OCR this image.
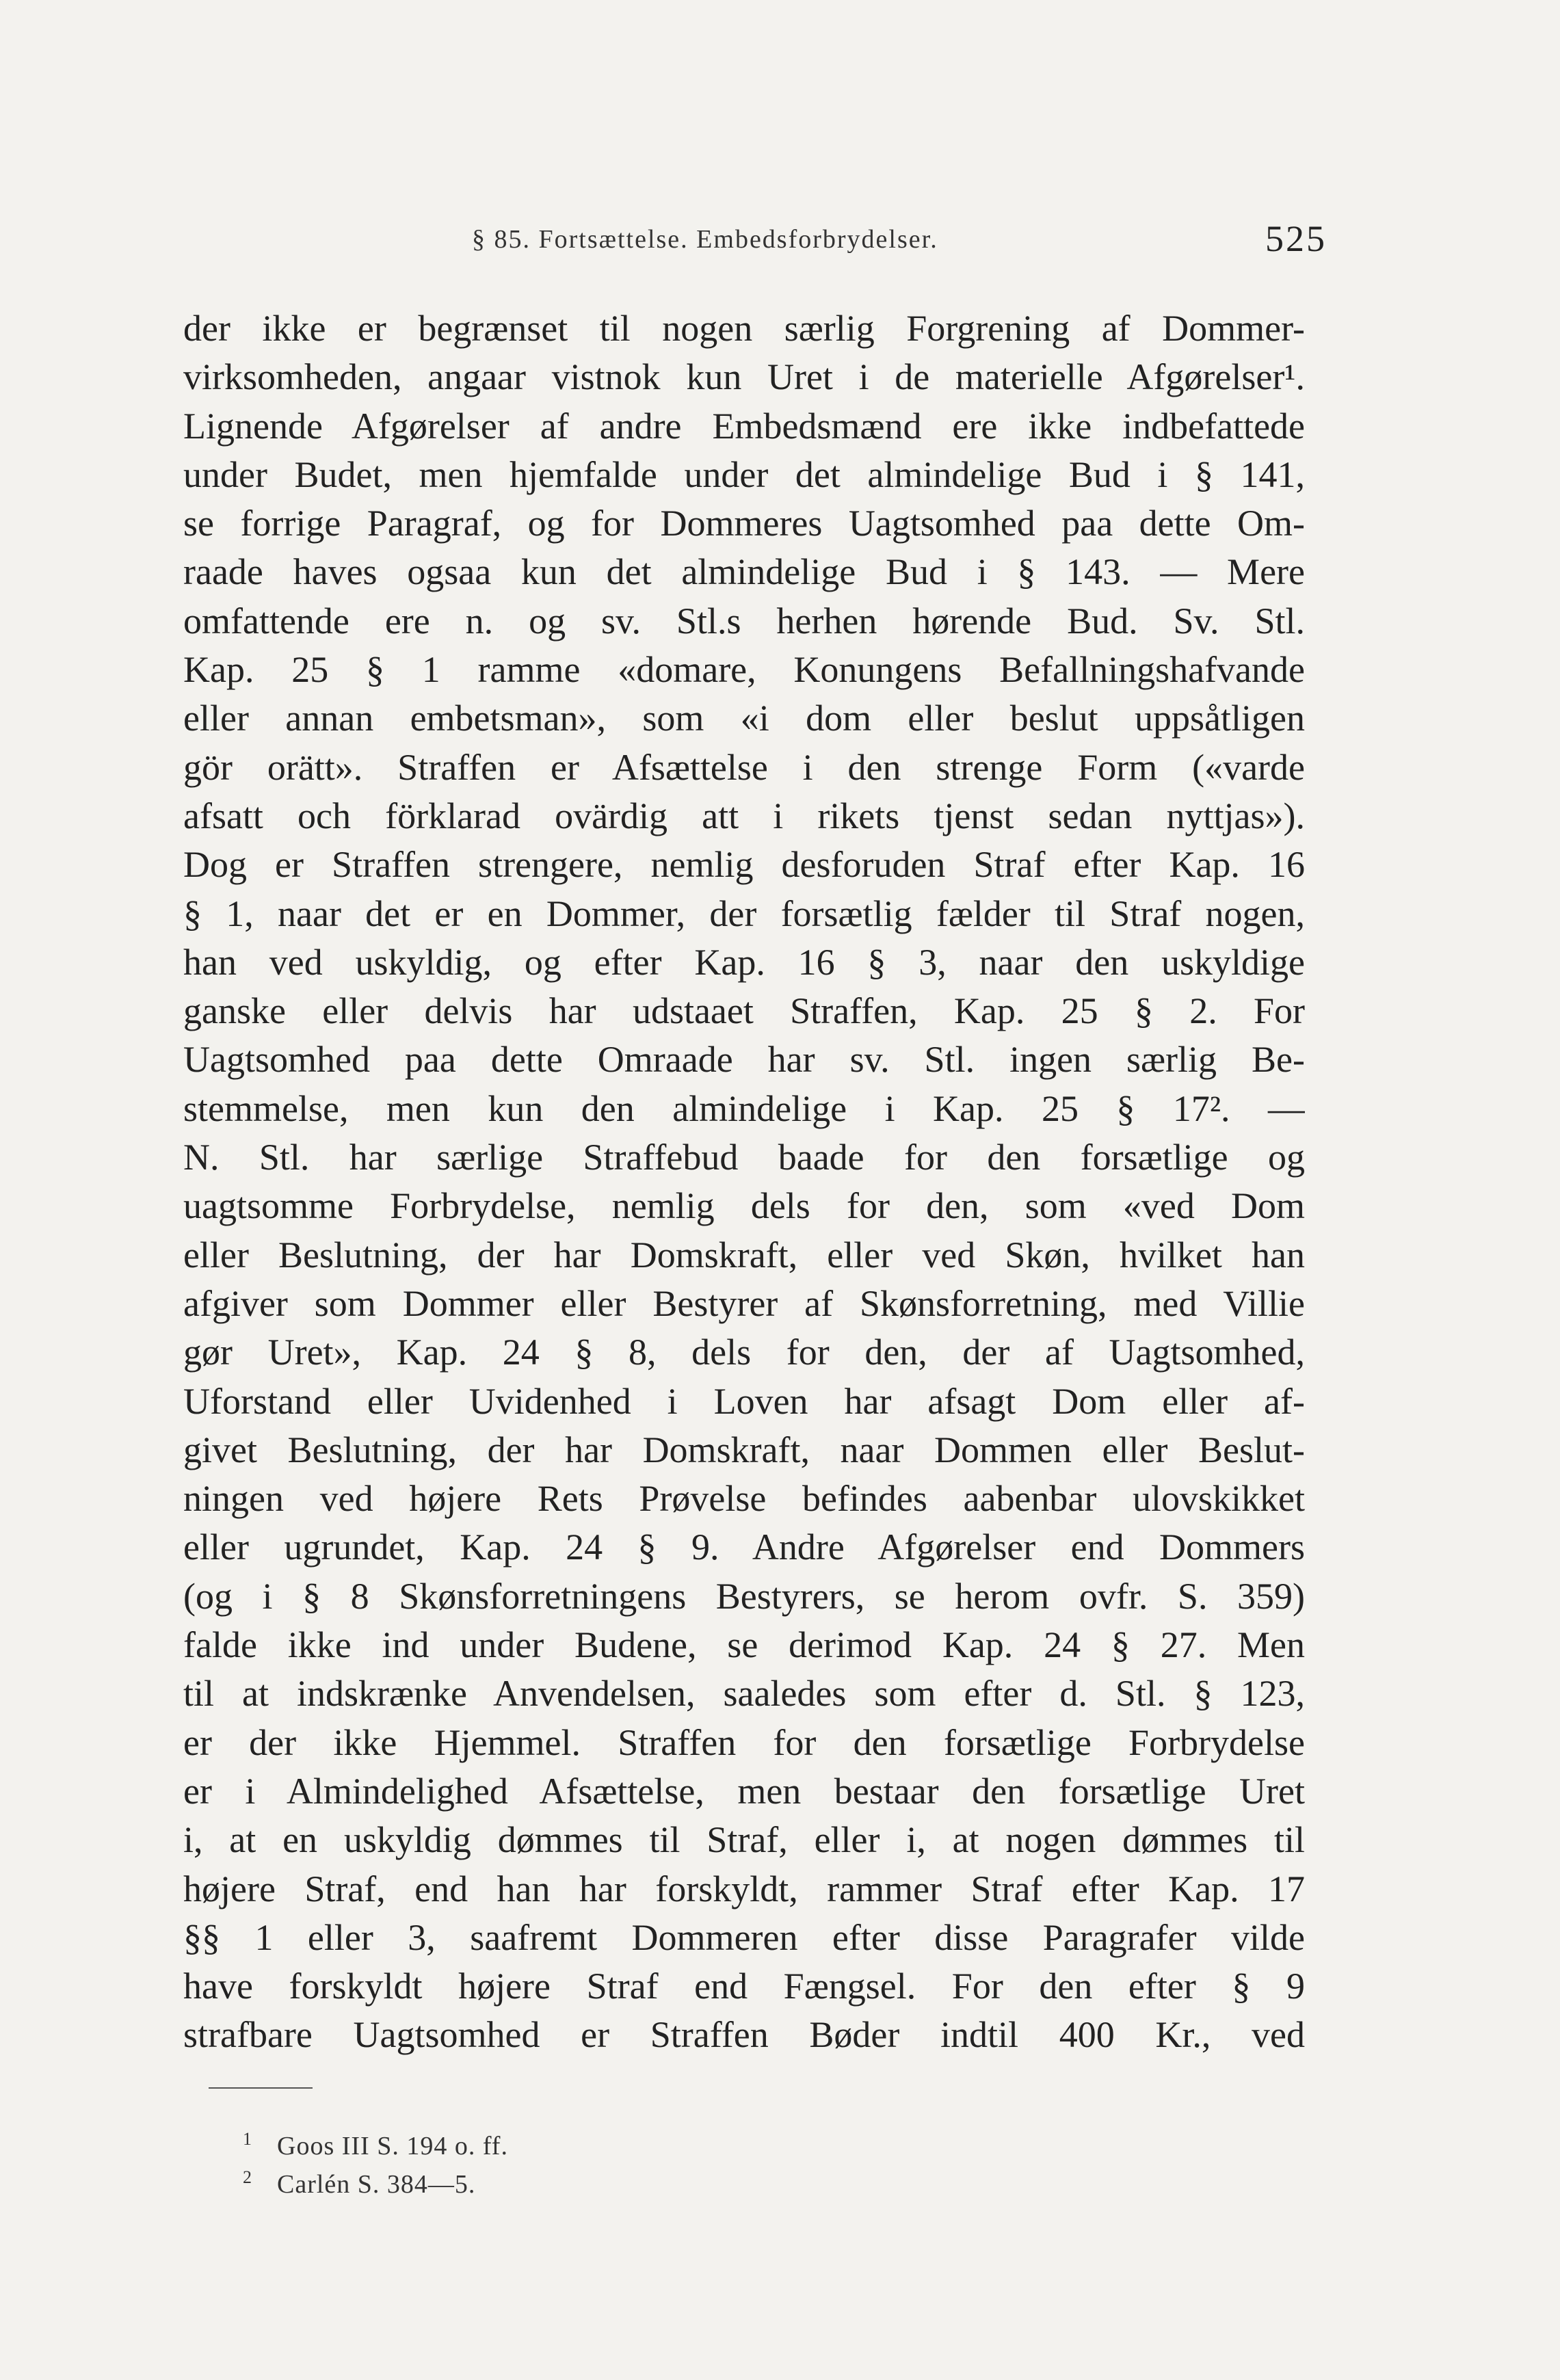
§ 85. Fortsættelse. Embedsforbrydelser.	525
der ikke er begrænset til nogen særlig Forgrening af Dommer-
virksomheden, angaar vistnok kun Uret i de materielle Afgørelser¹.
Lignende Afgørelser af andre Embedsmænd ere ikke indbefattede
under Budet, men hjemfalde under det almindelige Bud i § 141,
se forrige Paragraf, og for Dommeres Uagtsomhed paa dette Om-
raade haves ogsaa kun det almindelige Bud i § 143. — Mere
omfattende ere n. og sv. Stl.s herhen hørende Bud. Sv. Stl.
Kap. 25 § 1 ramme «domare, Konungens Befallningshafvande
eller annan embetsman», som «i dom eller beslut uppsåtligen
gör orätt». Straffen er Afsættelse i den strenge Form («varde
afsatt och förklarad ovärdig att i rikets tjenst sedan nyttjas»).
Dog er Straffen strengere, nemlig desforuden Straf efter Kap. 16
§ 1, naar det er en Dommer, der forsætlig fælder til Straf nogen,
han ved uskyldig, og efter Kap. 16 § 3, naar den uskyldige
ganske eller delvis har udstaaet Straffen, Kap. 25 § 2. For
Uagtsomhed paa dette Omraade har sv. Stl. ingen særlig Be-
stemmelse, men kun den almindelige i Kap. 25 § 17². —
N. Stl. har særlige Straffebud baade for den forsætlige og
uagtsomme Forbrydelse, nemlig dels for den, som «ved Dom
eller Beslutning, der har Domskraft, eller ved Skøn, hvilket han
afgiver som Dommer eller Bestyrer af Skønsforretning, med Villie
gør Uret», Kap. 24 § 8, dels for den, der af Uagtsomhed,
Uforstand eller Uvidenhed i Loven har afsagt Dom eller af-
givet Beslutning, der har Domskraft, naar Dommen eller Beslut-
ningen ved højere Rets Prøvelse befindes aabenbar ulovskikket
eller ugrundet, Kap. 24 § 9. Andre Afgørelser end Dommers
(og i § 8 Skønsforretningens Bestyrers, se herom ovfr. S. 359)
falde ikke ind under Budene, se derimod Kap. 24 § 27. Men
til at indskrænke Anvendelsen, saaledes som efter d. Stl. § 123,
er der ikke Hjemmel. Straffen for den forsætlige Forbrydelse
er i Almindelighed Afsættelse, men bestaar den forsætlige Uret
i, at en uskyldig dømmes til Straf, eller i, at nogen dømmes til
højere Straf, end han har forskyldt, rammer Straf efter Kap. 17
§§ 1 eller 3, saafremt Dommeren efter disse Paragrafer vilde
have forskyldt højere Straf end Fængsel. For den efter § 9
strafbare Uagtsomhed er Straffen Bøder indtil 400 Kr., ved
$^1$ Goos III S. 194 o. ff.
$^2$ Carlén S. 384—5.
